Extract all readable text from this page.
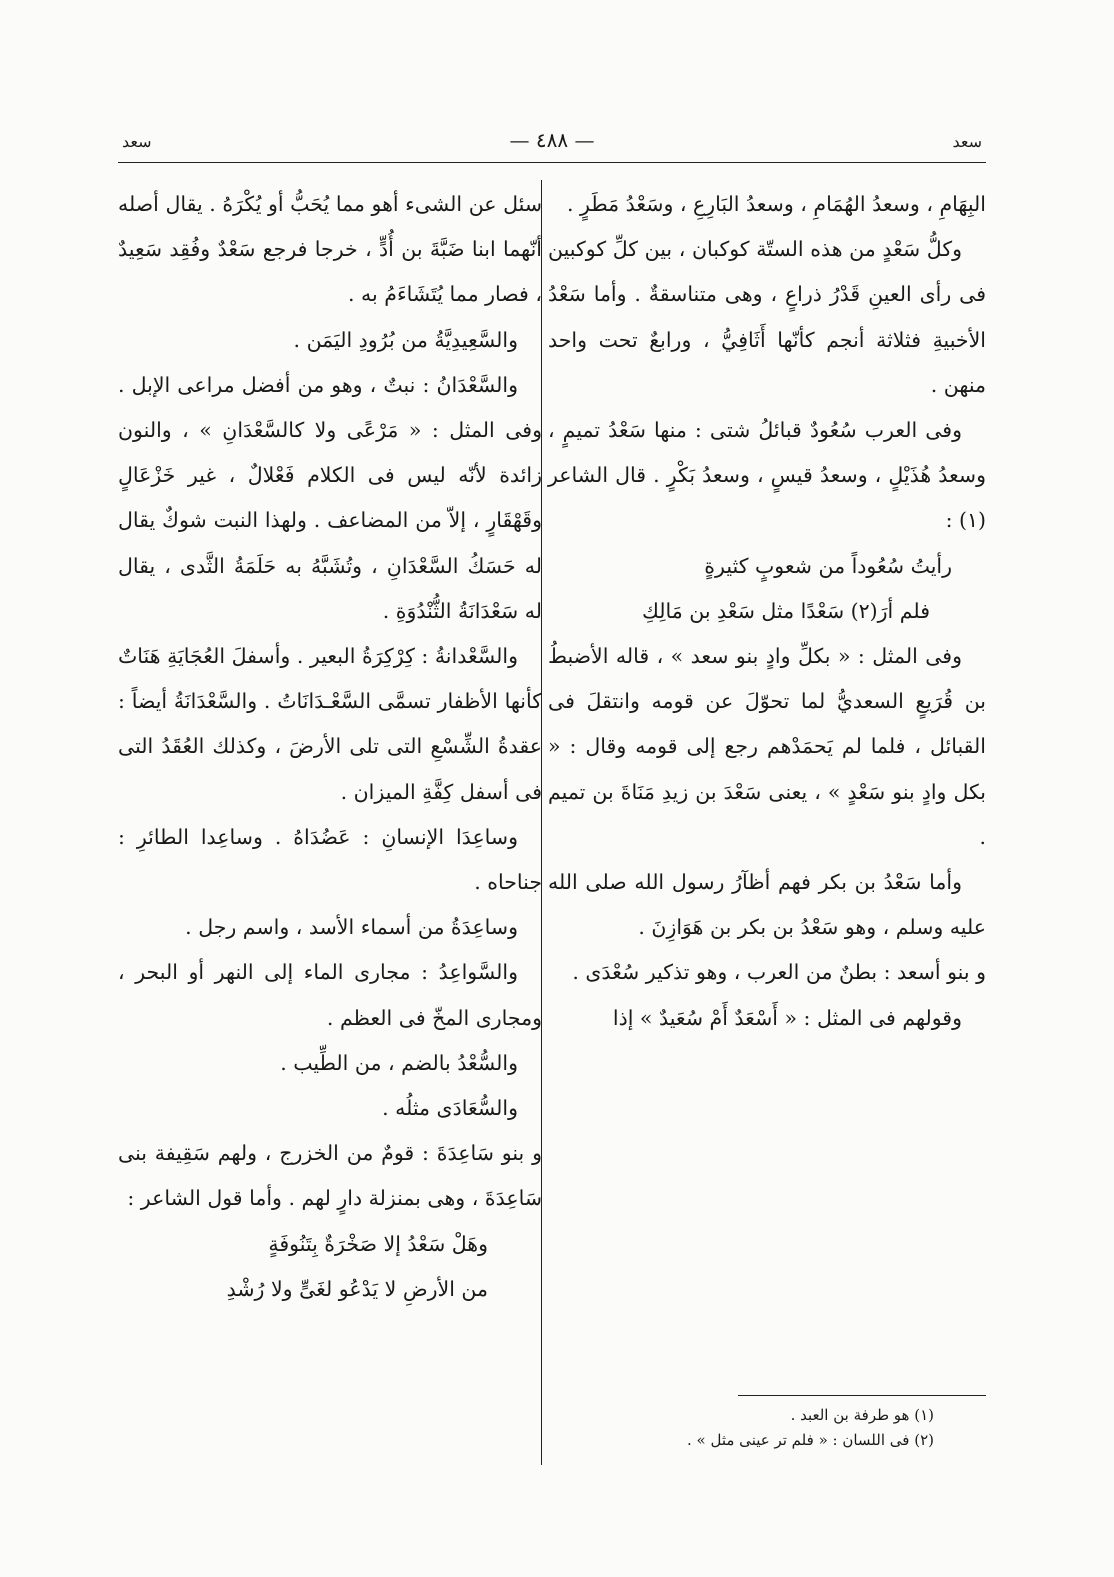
سعد
— ٤٨٨ —
سعد

البِهَامِ ، وسعدُ الهُمَامِ ، وسعدُ البَارِعِ ، وسَعْدُ مَطَرٍ .

وكلُّ سَعْدٍ من هذه الستّة كوكبان ، بين كلِّ كوكبين فى رأى العينِ قَدْرُ ذراعٍ ، وهى متناسقةٌ . وأما سَعْدُ الأخبيةِ فثلاثة أنجم كأنّها أَثَافِيُّ ، ورابعٌ تحت واحد منهن .

وفى العرب سُعُودٌ قبائلُ شتى : منها سَعْدُ تميمٍ ، وسعدُ هُذَيْلٍ ، وسعدُ قيسٍ ، وسعدُ بَكْرٍ . قال الشاعر (١) :

رأيتُ سُعُوداً من شعوبٍ كثيرةٍ

فلم أرَ(٢) سَعْدًا مثل سَعْدِ بن مَالِكِ

وفى المثل : « بكلِّ وادٍ بنو سعد » ، قاله الأضبطُ بن قُرَيعٍ السعديُّ لما تحوّلَ عن قومه وانتقلَ فى القبائل ، فلما لم يَحمَدْهم رجع إلى قومه وقال : « بكل وادٍ بنو سَعْدٍ » ، يعنى سَعْدَ بن زيدِ مَنَاةَ بن تميم .

وأما سَعْدُ بن بكر فهم أظآرُ رسول الله صلى الله عليه وسلم ، وهو سَعْدُ بن بكر بن هَوَازِنَ .

و بنو أسعد : بطنٌ من العرب ، وهو تذكير سُعْدَى .

وقولهم فى المثل : « أَسْعَدٌ أَمْ سُعَيدٌ » إذا

سئل عن الشىء أهو مما يُحَبُّ أو يُكْرَهُ . يقال أصله أنّهما ابنا ضَبَّةَ بن أُدٍّ ، خرجا فرجع سَعْدٌ وفُقِد سَعِيدٌ ، فصار مما يُتَشَاءَمُ به .

والسَّعِيدِيَّةُ من بُرُودِ اليَمَن .

والسَّعْدَانُ : نبتٌ ، وهو من أفضل مراعى الإبل . وفى المثل : « مَرْعًى ولا كالسَّعْدَانِ » ، والنون زائدة لأنّه ليس فى الكلام فَعْلالٌ ، غير خَزْعَالٍ وقَهْقَارٍ ، إلاّ من المضاعف . ولهذا النبت شوكٌ يقال له حَسَكُ السَّعْدَانِ ، وتُشَبَّهُ به حَلَمَةُ الثَّدى ، يقال له سَعْدَانَةُ الثُّنْدُوَةِ .

والسَّعْدانةُ : كِرْكِرَةُ البعير . وأسفلَ العُجَايَةِ هَنَاتٌ كأنها الأظفار تسمَّى السَّعْـدَانَاتُ . والسَّعْدَانَةُ أيضاً : عقدةُ الشِّسْعِ التى تلى الأرضَ ، وكذلك العُقَدُ التى فى أسفل كِفَّةِ الميزان .

وساعِدَا الإنسانِ : عَضُدَاهُ . وساعِدا الطائرِ : جناحاه .

وساعِدَةُ من أسماء الأسد ، واسم رجل .

والسَّواعِدُ : مجارى الماء إلى النهر أو البحر ، ومجارى المخّ فى العظم .

والسُّعْدُ بالضم ، من الطِّيب .

والسُّعَادَى مثلُه .

و بنو سَاعِدَةَ : قومٌ من الخزرج ، ولهم سَقِيفة بنى سَاعِدَةَ ، وهى بمنزلة دارٍ لهم . وأما قول الشاعر :

وهَلْ سَعْدُ إلا صَخْرَةٌ بِتَنُوفَةٍ

من الأرضِ لا يَدْعُو لغَىٍّ ولا رُشْدِ

(١) هو طرفة بن العبد .

(٢) فى اللسان : « فلم تر عينى مثل » .
